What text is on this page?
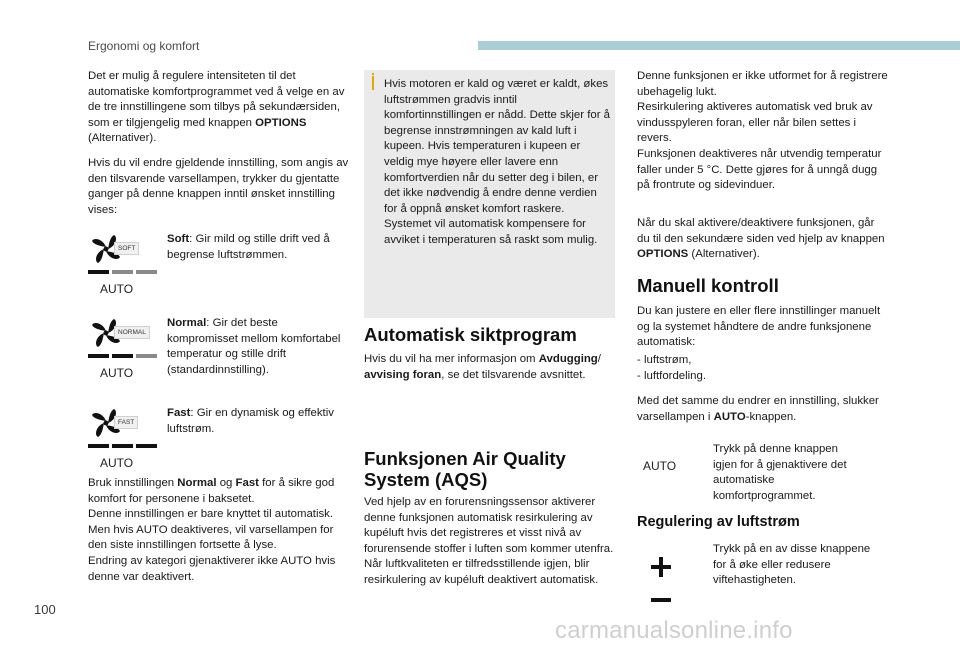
Ergonomi og komfort

Det er mulig å regulere intensiteten til det automatiske komfortprogrammet ved å velge en av de tre innstillingene som tilbys på sekundærsiden, som er tilgjengelig med knappen OPTIONS (Alternativer).

Hvis du vil endre gjeldende innstilling, som angis av den tilsvarende varsellampen, trykker du gjentatte ganger på denne knappen inntil ønsket innstilling vises:

SOFT
AUTO

Soft: Gir mild og stille drift ved å begrense luftstrømmen.

NORMAL
AUTO

Normal: Gir det beste kompromisset mellom komfortabel temperatur og stille drift (standardinnstilling).

FAST
AUTO

Fast: Gir en dynamisk og effektiv luftstrøm.

Bruk innstillingen Normal og Fast for å sikre god komfort for personene i baksetet.

Denne innstillingen er bare knyttet til automatisk. Men hvis AUTO deaktiveres, vil varsellampen for den siste innstillingen fortsette å lyse.

Endring av kategori gjenaktiverer ikke AUTO hvis denne var deaktivert.

Hvis motoren er kald og været er kaldt, økes luftstrømmen gradvis inntil komfortinnstillingen er nådd. Dette skjer for å begrense innstrømningen av kald luft i kupeen. Hvis temperaturen i kupeen er veldig mye høyere eller lavere enn komfortverdien når du setter deg i bilen, er det ikke nødvendig å endre denne verdien for å oppnå ønsket komfort raskere. Systemet vil automatisk kompensere for avviket i temperaturen så raskt som mulig.

Automatisk siktprogram

Hvis du vil ha mer informasjon om Avdugging/ avvising foran, se det tilsvarende avsnittet.

Funksjonen Air Quality System (AQS)

Ved hjelp av en forurensningssensor aktiverer denne funksjonen automatisk resirkulering av kupéluft hvis det registreres et visst nivå av forurensende stoffer i luften som kommer utenfra.

Når luftkvaliteten er tilfredsstillende igjen, blir resirkulering av kupéluft deaktivert automatisk.

Denne funksjonen er ikke utformet for å registrere ubehagelig lukt.

Resirkulering aktiveres automatisk ved bruk av vindusspyleren foran, eller når bilen settes i revers.

Funksjonen deaktiveres når utvendig temperatur faller under 5 °C. Dette gjøres for å unngå dugg på frontrute og sidevinduer.

Når du skal aktivere/deaktivere funksjonen, går du til den sekundære siden ved hjelp av knappen OPTIONS (Alternativer).

Manuell kontroll

Du kan justere en eller flere innstillinger manuelt og la systemet håndtere de andre funksjonene automatisk:

- luftstrøm,
- luftfordeling.

Med det samme du endrer en innstilling, slukker varsellampen i AUTO-knappen.

AUTO

Trykk på denne knappen igjen for å gjenaktivere det automatiske komfortprogrammet.

Regulering av luftstrøm

Trykk på en av disse knappene for å øke eller redusere viftehastigheten.

100
carmanualsonline.info
